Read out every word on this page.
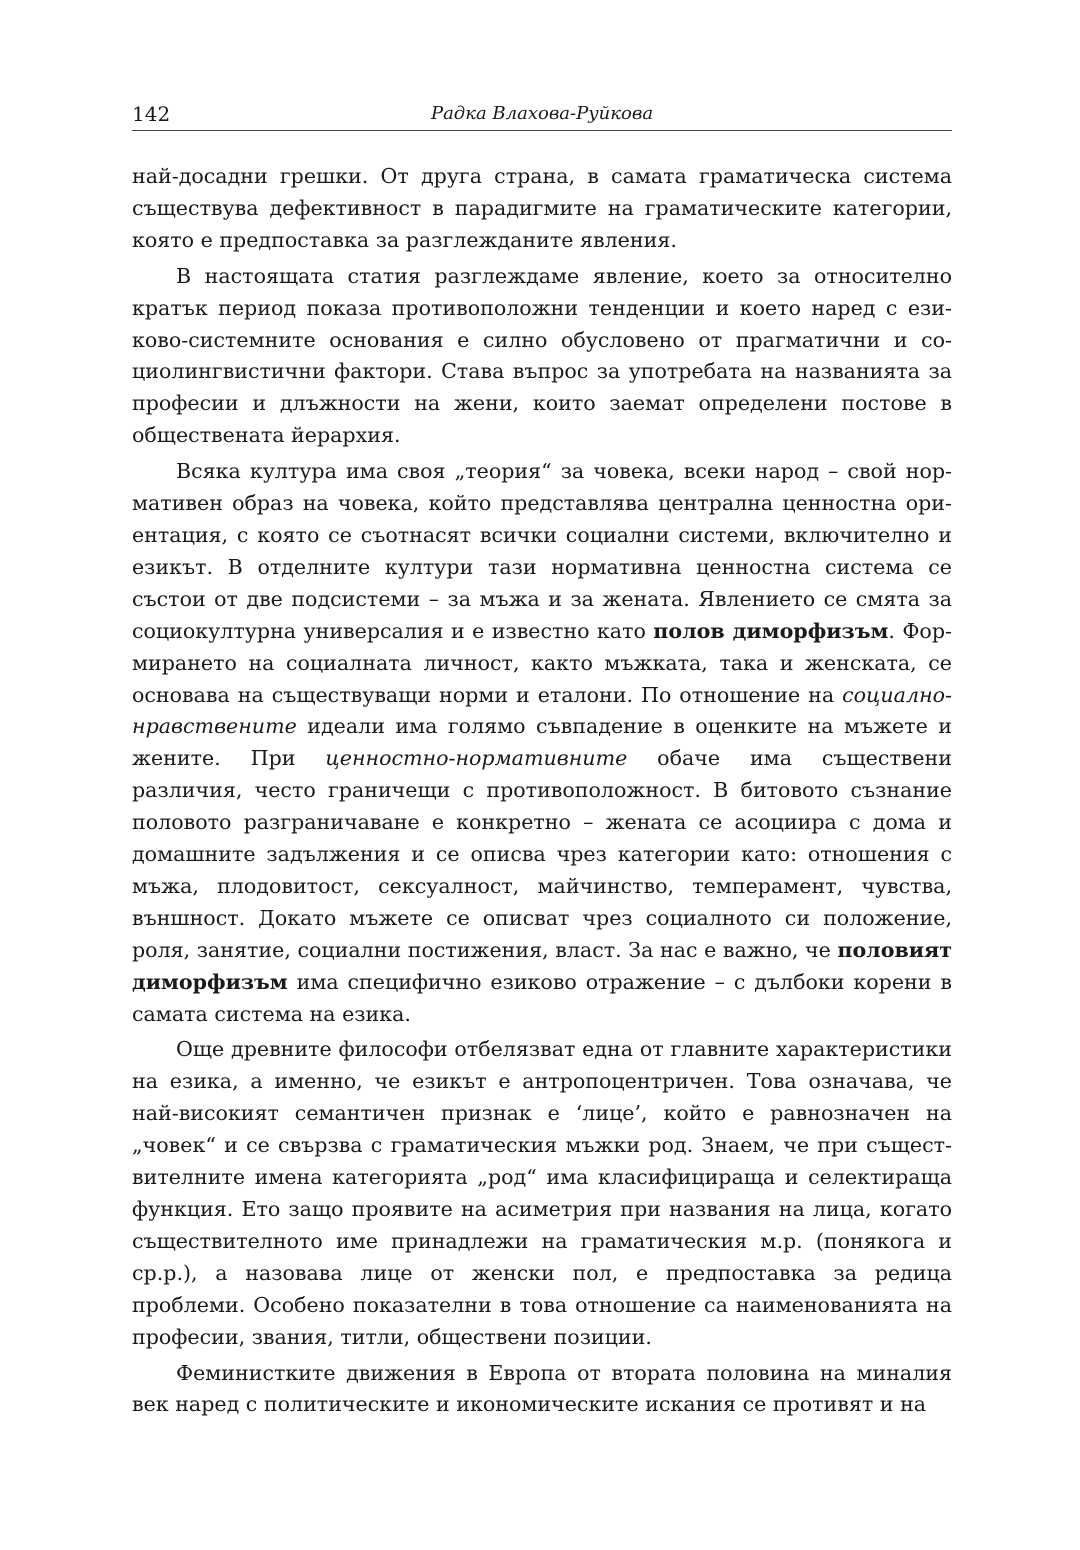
142	Радка Влахова-Руйкова

най-досадни грешки. От друга страна, в самата граматическа система съществува дефективност в парадигмите на граматическите категории, която е предпоставка за разглежданите явления.

В настоящата статия разглеждаме явление, което за относително кратък период показа противоположни тенденции и което наред с езиково-системните основания е силно обусловено от прагматични и социолингвистични фактори. Става въпрос за употребата на названията за професии и длъжности на жени, които заемат определени постове в обществената йерархия.

Всяка култура има своя „теория“ за човека, всеки народ – свой нормативен образ на човека, който представлява централна ценностна ориентация, с която се съотнасят всички социални системи, включително и езикът. В отделните култури тази нормативна ценностна система се състои от две подсистеми – за мъжа и за жената. Явлението се смята за социокултурна универсалия и е известно като полов диморфизъм. Формирането на социалната личност, както мъжката, така и женската, се основава на съществуващи норми и еталони. По отношение на социално-нравствените идеали има голямо съвпадение в оценките на мъжете и жените. При ценностно-нормативните обаче има съществени различия, често граничещи с противоположност. В битовото съзнание половото разграничаване е конкретно – жената се асоциира с дома и домашните задължения и се описва чрез категории като: отношения с мъжа, плодовитост, сексуалност, майчинство, темперамент, чувства, външност. Докато мъжете се описват чрез социалното си положение, роля, занятие, социални постижения, власт. За нас е важно, че половият диморфизъм има специфично езиково отражение – с дълбоки корени в самата система на езика.

Още древните философи отбелязват една от главните характеристики на езика, а именно, че езикът е антропоцентричен. Това означава, че най-високият семантичен признак е ‘лице’, който е равнозначен на „човек“ и се свързва с граматическия мъжки род. Знаем, че при съществителните имена категорията „род“ има класифицираща и селектираща функция. Ето защо проявите на асиметрия при названия на лица, когато съществителното име принадлежи на граматическия м.р. (понякога и ср.р.), а назовава лице от женски пол, е предпоставка за редица проблеми. Особено показателни в това отношение са наименованията на професии, звания, титли, обществени позиции.

Феминистките движения в Европа от втората половина на миналия век наред с политическите и икономическите искания се противят и на
